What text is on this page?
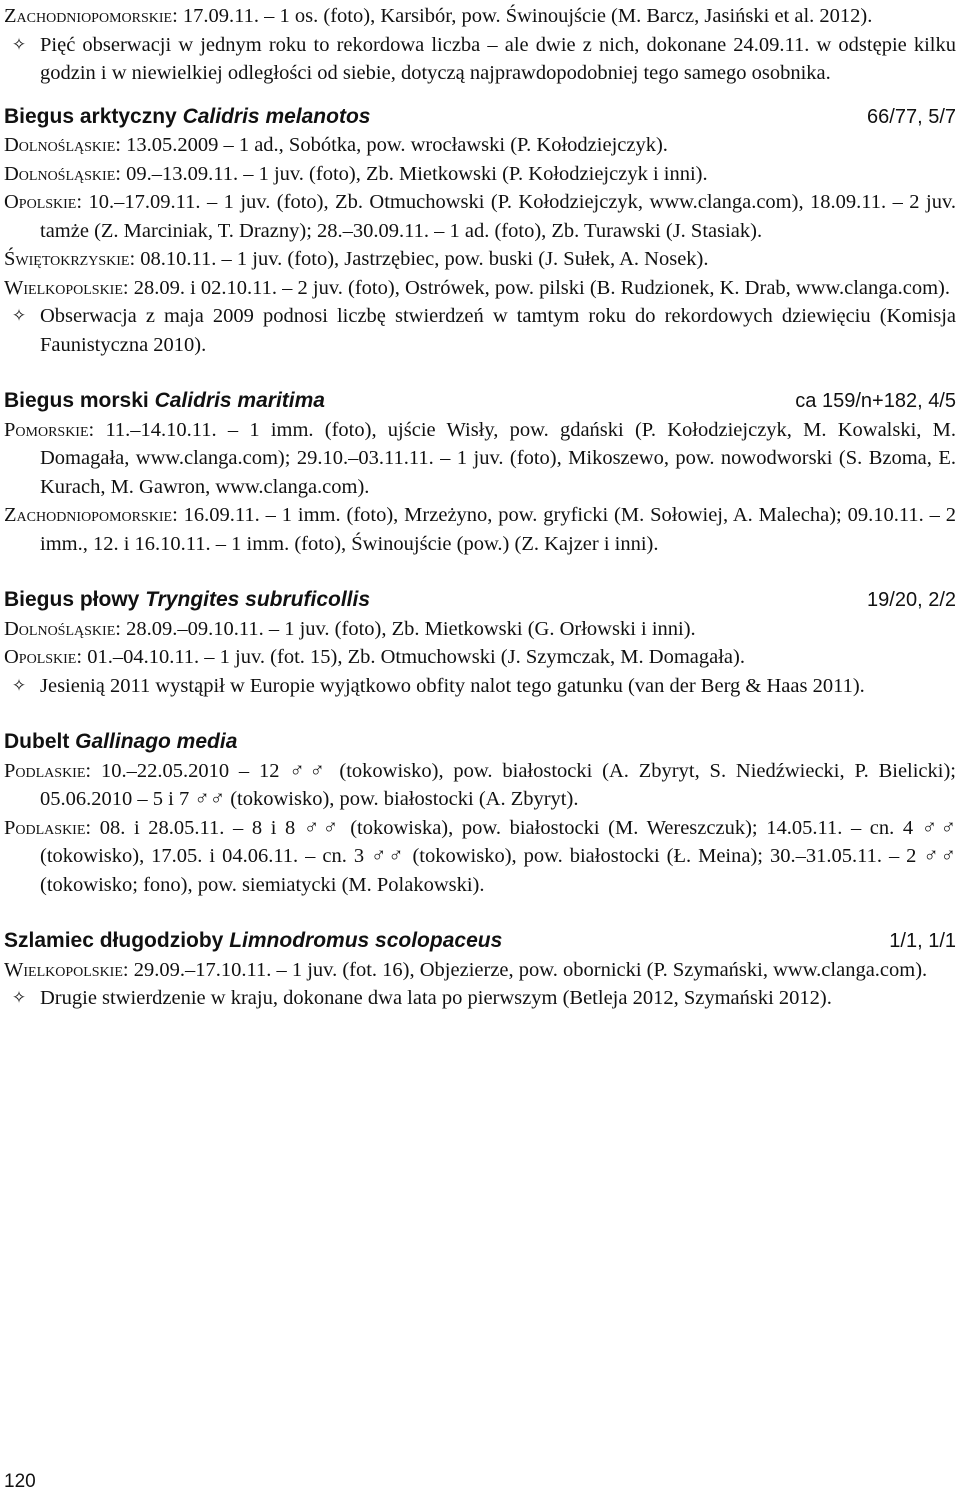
Zachodniopomorskie: 17.09.11. – 1 os. (foto), Karsibór, pow. Świnoujście (M. Barcz, Jasiński et al. 2012).

✧ Pięć obserwacji w jednym roku to rekordowa liczba – ale dwie z nich, dokonane 24.09.11. w odstępie kilku godzin i w niewielkiej odległości od siebie, dotyczą najprawdopodobniej tego samego osobnika.

Biegus arktyczny Calidris melanotos	66/77, 5/7

Dolnośląskie: 13.05.2009 – 1 ad., Sobótka, pow. wrocławski (P. Kołodziejczyk).

Dolnośląskie: 09.–13.09.11. – 1 juv. (foto), Zb. Mietkowski (P. Kołodziejczyk i inni).

Opolskie: 10.–17.09.11. – 1 juv. (foto), Zb. Otmuchowski (P. Kołodziejczyk, www.clanga.com), 18.09.11. – 2 juv. tamże (Z. Marciniak, T. Drazny); 28.–30.09.11. – 1 ad. (foto), Zb. Turawski (J. Stasiak).

Świętokrzyskie: 08.10.11. – 1 juv. (foto), Jastrzębiec, pow. buski (J. Sułek, A. Nosek).

Wielkopolskie: 28.09. i 02.10.11. – 2 juv. (foto), Ostrówek, pow. pilski (B. Rudzionek, K. Drab, www.clanga.com).

✧ Obserwacja z maja 2009 podnosi liczbę stwierdzeń w tamtym roku do rekordowych dziewięciu (Komisja Faunistyczna 2010).

Biegus morski Calidris maritima	ca 159/n+182, 4/5

Pomorskie: 11.–14.10.11. – 1 imm. (foto), ujście Wisły, pow. gdański (P. Kołodziejczyk, M. Kowalski, M. Domagała, www.clanga.com); 29.10.–03.11.11. – 1 juv. (foto), Mikoszewo, pow. nowodworski (S. Bzoma, E. Kurach, M. Gawron, www.clanga.com).

Zachodniopomorskie: 16.09.11. – 1 imm. (foto), Mrzeżyno, pow. gryficki (M. Sołowiej, A. Malecha); 09.10.11. – 2 imm., 12. i 16.10.11. – 1 imm. (foto), Świnoujście (pow.) (Z. Kajzer i inni).

Biegus płowy Tryngites subruficollis	19/20, 2/2

Dolnośląskie: 28.09.–09.10.11. – 1 juv. (foto), Zb. Mietkowski (G. Orłowski i inni).

Opolskie: 01.–04.10.11. – 1 juv. (fot. 15), Zb. Otmuchowski (J. Szymczak, M. Domagała).

✧ Jesienią 2011 wystąpił w Europie wyjątkowo obfity nalot tego gatunku (van der Berg & Haas 2011).

Dubelt Gallinago media

Podlaskie: 10.–22.05.2010 – 12 ♂♂ (tokowisko), pow. białostocki (A. Zbyryt, S. Niedźwiecki, P. Bielicki); 05.06.2010 – 5 i 7 ♂♂ (tokowisko), pow. białostocki (A. Zbyryt).

Podlaskie: 08. i 28.05.11. – 8 i 8 ♂♂ (tokowiska), pow. białostocki (M. Wereszczuk); 14.05.11. – cn. 4 ♂♂ (tokowisko), 17.05. i 04.06.11. – cn. 3 ♂♂ (tokowisko), pow. białostocki (Ł. Meina); 30.–31.05.11. – 2 ♂♂ (tokowisko; fono), pow. siemiatycki (M. Polakowski).

Szlamiec długodzioby Limnodromus scolopaceus	1/1, 1/1

Wielkopolskie: 29.09.–17.10.11. – 1 juv. (fot. 16), Objezierze, pow. obornicki (P. Szymański, www.clanga.com).

✧ Drugie stwierdzenie w kraju, dokonane dwa lata po pierwszym (Betleja 2012, Szymański 2012).

120
